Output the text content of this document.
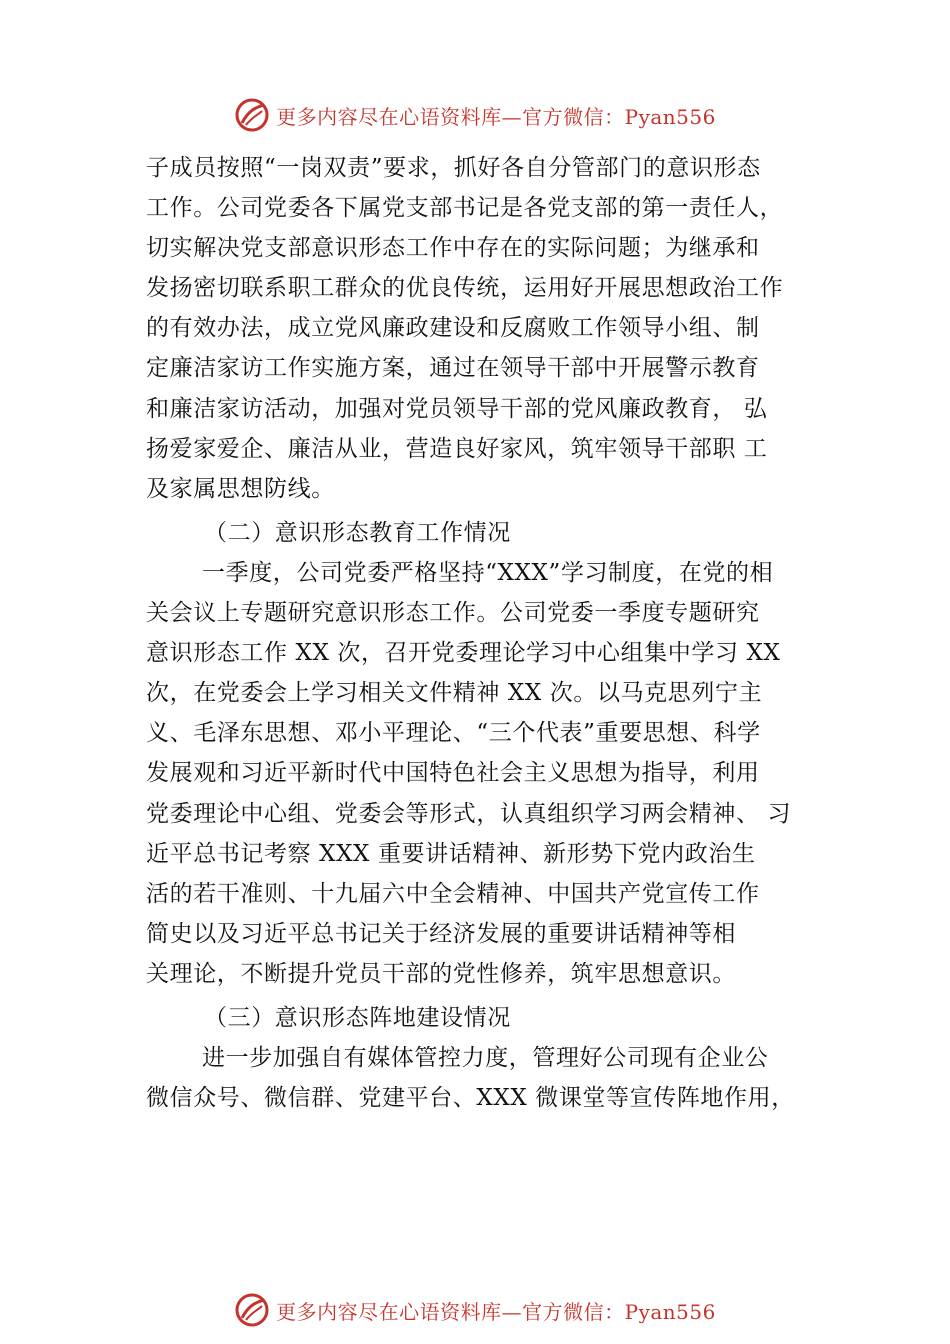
更多内容尽在心语资料库—官方微信：Pyan556
子成员按照“一岗双责”要求，抓好各自分管部门的意识形态
工作。公司党委各下属党支部书记是各党支部的第一责任人，
切实解决党支部意识形态工作中存在的实际问题；为继承和
发扬密切联系职工群众的优良传统，运用好开展思想政治工作
的有效办法，成立党风廉政建设和反腐败工作领导小组、制
定廉洁家访工作实施方案，通过在领导干部中开展警示教育
和廉洁家访活动，加强对党员领导干部的党风廉政教育， 弘
扬爱家爱企、廉洁从业，营造良好家风，筑牢领导干部职 工
及家属思想防线。
（二）意识形态教育工作情况
一季度，公司党委严格坚持“XXX”学习制度，在党的相
关会议上专题研究意识形态工作。公司党委一季度专题研究
意识形态工作 XX 次，召开党委理论学习中心组集中学习 XX
次，在党委会上学习相关文件精神 XX 次。以马克思列宁主
义、毛泽东思想、邓小平理论、“三个代表”重要思想、科学
发展观和习近平新时代中国特色社会主义思想为指导，利用
党委理论中心组、党委会等形式，认真组织学习两会精神、 习
近平总书记考察 XXX 重要讲话精神、新形势下党内政治生
活的若干准则、十九届六中全会精神、中国共产党宣传工作
简史以及习近平总书记关于经济发展的重要讲话精神等相
关理论，不断提升党员干部的党性修养，筑牢思想意识。
（三）意识形态阵地建设情况
进一步加强自有媒体管控力度，管理好公司现有企业公
微信众号、微信群、党建平台、XXX 微课堂等宣传阵地作用，
更多内容尽在心语资料库—官方微信：Pyan556
